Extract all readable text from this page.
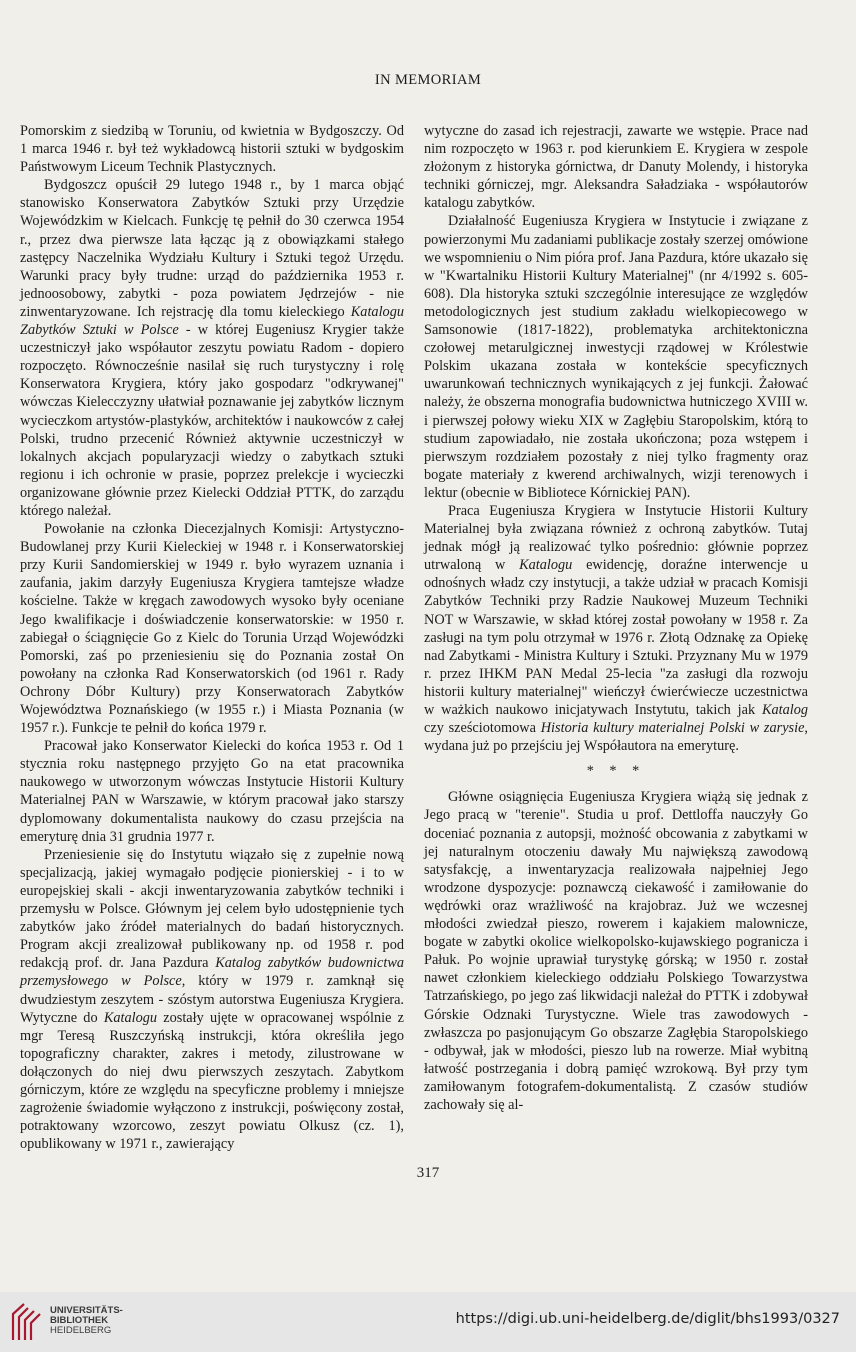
IN MEMORIAM

Pomorskim z siedzibą w Toruniu, od kwietnia w Bydgoszczy. Od 1 marca 1946 r. był też wykładowcą historii sztuki w bydgoskim Państwowym Liceum Technik Plastycznych.

Bydgoszcz opuścił 29 lutego 1948 r., by 1 marca objąć stanowisko Konserwatora Zabytków Sztuki przy Urzędzie Wojewódzkim w Kielcach. Funkcję tę pełnił do 30 czerwca 1954 r., przez dwa pierwsze lata łącząc ją z obowiązkami stałego zastępcy Naczelnika Wydziału Kultury i Sztuki tegoż Urzędu. Warunki pracy były trudne: urząd do października 1953 r. jednoosobowy, zabytki - poza powiatem Jędrzejów - nie zinwentaryzowane. Ich rejstrację dla tomu kieleckiego Katalogu Zabytków Sztuki w Polsce - w której Eugeniusz Krygier także uczestniczył jako współautor zeszytu powiatu Radom - dopiero rozpoczęto. Równocześnie nasilał się ruch turystyczny i rolę Konserwatora Krygiera, który jako gospodarz "odkrywanej" wówczas Kielecczyzny ułatwiał poznawanie jej zabytków licznym wycieczkom artystów-plastyków, architektów i naukowców z całej Polski, trudno przecenić Również aktywnie uczestniczył w lokalnych akcjach popularyzacji wiedzy o zabytkach sztuki regionu i ich ochronie w prasie, poprzez prelekcje i wycieczki organizowane głównie przez Kielecki Oddział PTTK, do zarządu którego należał.

Powołanie na członka Diecezjalnych Komisji: Artystyczno-Budowlanej przy Kurii Kieleckiej w 1948 r. i Konserwatorskiej przy Kurii Sandomierskiej w 1949 r. było wyrazem uznania i zaufania, jakim darzyły Eugeniusza Krygiera tamtejsze władze kościelne. Także w kręgach zawodowych wysoko były oceniane Jego kwalifikacje i doświadczenie konserwatorskie: w 1950 r. zabiegał o ściągnięcie Go z Kielc do Torunia Urząd Wojewódzki Pomorski, zaś po przeniesieniu się do Poznania został On powołany na członka Rad Konserwatorskich (od 1961 r. Rady Ochrony Dóbr Kultury) przy Konserwatorach Zabytków Województwa Poznańskiego (w 1955 r.) i Miasta Poznania (w 1957 r.). Funkcje te pełnił do końca 1979 r.

Pracował jako Konserwator Kielecki do końca 1953 r. Od 1 stycznia roku następnego przyjęto Go na etat pracownika naukowego w utworzonym wówczas Instytucie Historii Kultury Materialnej PAN w Warszawie, w którym pracował jako starszy dyplomowany dokumentalista naukowy do czasu przejścia na emeryturę dnia 31 grudnia 1977 r.

Przeniesienie się do Instytutu wiązało się z zupełnie nową specjalizacją, jakiej wymagało podjęcie pionierskiej - i to w europejskiej skali - akcji inwentaryzowania zabytków techniki i przemysłu w Polsce. Głównym jej celem było udostępnienie tych zabytków jako źródeł materialnych do badań historycznych. Program akcji zrealizował publikowany np. od 1958 r. pod redakcją prof. dr. Jana Pazdura Katalog zabytków budownictwa przemysłowego w Polsce, który w 1979 r. zamknął się dwudziestym zeszytem - szóstym autorstwa Eugeniusza Krygiera. Wytyczne do Katalogu zostały ujęte w opracowanej wspólnie z mgr Teresą Ruszczyńską instrukcji, która określiła jego topograficzny charakter, zakres i metody, zilustrowane w dołączonych do niej dwu pierwszych zeszytach. Zabytkom górniczym, które ze względu na specyficzne problemy i mniejsze zagrożenie świadomie wyłączono z instrukcji, poświęcony został, potraktowany wzorcowo, zeszyt powiatu Olkusz (cz. 1), opublikowany w 1971 r., zawierający

wytyczne do zasad ich rejestracji, zawarte we wstępie. Prace nad nim rozpoczęto w 1963 r. pod kierunkiem E. Krygiera w zespole złożonym z historyka górnictwa, dr Danuty Molendy, i historyka techniki górniczej, mgr. Aleksandra Saładziaka - współautorów katalogu zabytków.

Działalność Eugeniusza Krygiera w Instytucie i związane z powierzonymi Mu zadaniami publikacje zostały szerzej omówione we wspomnieniu o Nim pióra prof. Jana Pazdura, które ukazało się w "Kwartalniku Historii Kultury Materialnej" (nr 4/1992 s. 605-608). Dla historyka sztuki szczególnie interesujące ze względów metodologicznych jest studium zakładu wielkopiecowego w Samsonowie (1817-1822), problematyka architektoniczna czołowej metarulgicznej inwestycji rządowej w Królestwie Polskim ukazana została w kontekście specyficznych uwarunkowań technicznych wynikających z jej funkcji. Żałować należy, że obszerna monografia budownictwa hutniczego XVIII w. i pierwszej połowy wieku XIX w Zagłębiu Staropolskim, którą to studium zapowiadało, nie została ukończona; poza wstępem i pierwszym rozdziałem pozostały z niej tylko fragmenty oraz bogate materiały z kwerend archiwalnych, wizji terenowych i lektur (obecnie w Bibliotece Kórnickiej PAN).

Praca Eugeniusza Krygiera w Instytucie Historii Kultury Materialnej była związana również z ochroną zabytków. Tutaj jednak mógł ją realizować tylko pośrednio: głównie poprzez utrwaloną w Katalogu ewidencję, doraźne interwencje u odnośnych władz czy instytucji, a także udział w pracach Komisji Zabytków Techniki przy Radzie Naukowej Muzeum Techniki NOT w Warszawie, w skład której został powołany w 1958 r. Za zasługi na tym polu otrzymał w 1976 r. Złotą Odznakę za Opiekę nad Zabytkami - Ministra Kultury i Sztuki. Przyznany Mu w 1979 r. przez IHKM PAN Medal 25-lecia "za zasługi dla rozwoju historii kultury materialnej" wieńczył ćwierćwiecze uczestnictwa w ważkich naukowo inicjatywach Instytutu, takich jak Katalog czy sześciotomowa Historia kultury materialnej Polski w zarysie, wydana już po przejściu jej Współautora na emeryturę.

* * *

Główne osiągnięcia Eugeniusza Krygiera wiążą się jednak z Jego pracą w "terenie". Studia u prof. Dettloffa nauczyły Go doceniać poznania z autopsji, możność obcowania z zabytkami w jej naturalnym otoczeniu dawały Mu największą zawodową satysfakcję, a inwentaryzacja realizowała najpełniej Jego wrodzone dyspozycje: poznawczą ciekawość i zamiłowanie do wędrówki oraz wrażliwość na krajobraz. Już we wczesnej młodości zwiedzał pieszo, rowerem i kajakiem malownicze, bogate w zabytki okolice wielkopolsko-kujawskiego pogranicza i Pałuk. Po wojnie uprawiał turystykę górską; w 1950 r. został nawet członkiem kieleckiego oddziału Polskiego Towarzystwa Tatrzańskiego, po jego zaś likwidacji należał do PTTK i zdobywał Górskie Odznaki Turystyczne. Wiele tras zawodowych - zwłaszcza po pasjonującym Go obszarze Zagłębia Staropolskiego - odbywał, jak w młodości, pieszo lub na rowerze. Miał wybitną łatwość postrzegania i dobrą pamięć wzrokową. Był przy tym zamiłowanym fotografem-dokumentalistą. Z czasów studiów zachowały się al-

317
UNIVERSITÄTS-
BIBLIOTHEK
HEIDELBERG
https://digi.ub.uni-heidelberg.de/diglit/bhs1993/0327
